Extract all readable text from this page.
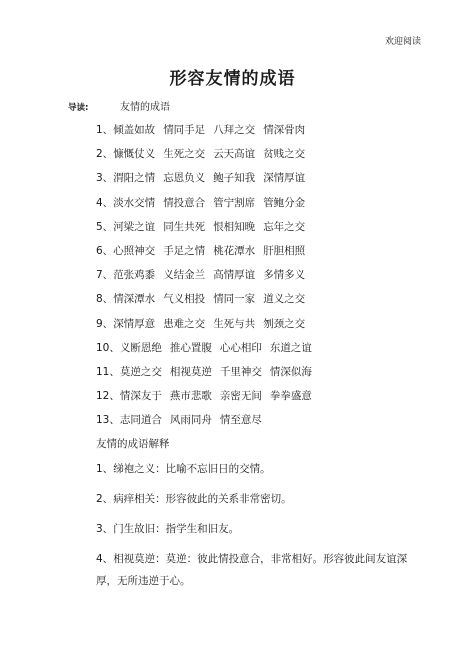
欢迎阅读
形容友情的成语
导读:	友情的成语
1、倾盖如故 情同手足 八拜之交 情深骨肉
2、慷慨仗义 生死之交 云天高谊 贫贱之交
3、渭阳之情 忘恩负义 鲍子知我 深情厚谊
4、淡水交情 情投意合 管宁割席 管鲍分金
5、河梁之谊 同生共死 恨相知晚 忘年之交
6、心照神交 手足之情 桃花潭水 肝胆相照
7、范张鸡黍 义结金兰 高情厚谊 多情多义
8、情深潭水 气义相投 情同一家 道义之交
9、深情厚意 患难之交 生死与共 刎颈之交
10、义断恩绝 推心置腹 心心相印 东道之谊
11、莫逆之交 相视莫逆 千里神交 情深似海
12、情深友于 燕市悲歌 亲密无间 拳拳盛意
13、志同道合 风雨同舟 情至意尽
友情的成语解释
1、绨袍之义：比喻不忘旧日的交情。
2、病痒相关：形容彼此的关系非常密切。
3、门生故旧：指学生和旧友。
4、相视莫逆：莫逆：彼此情投意合，非常相好。形容彼此间友谊深厚，无所违逆于心。
